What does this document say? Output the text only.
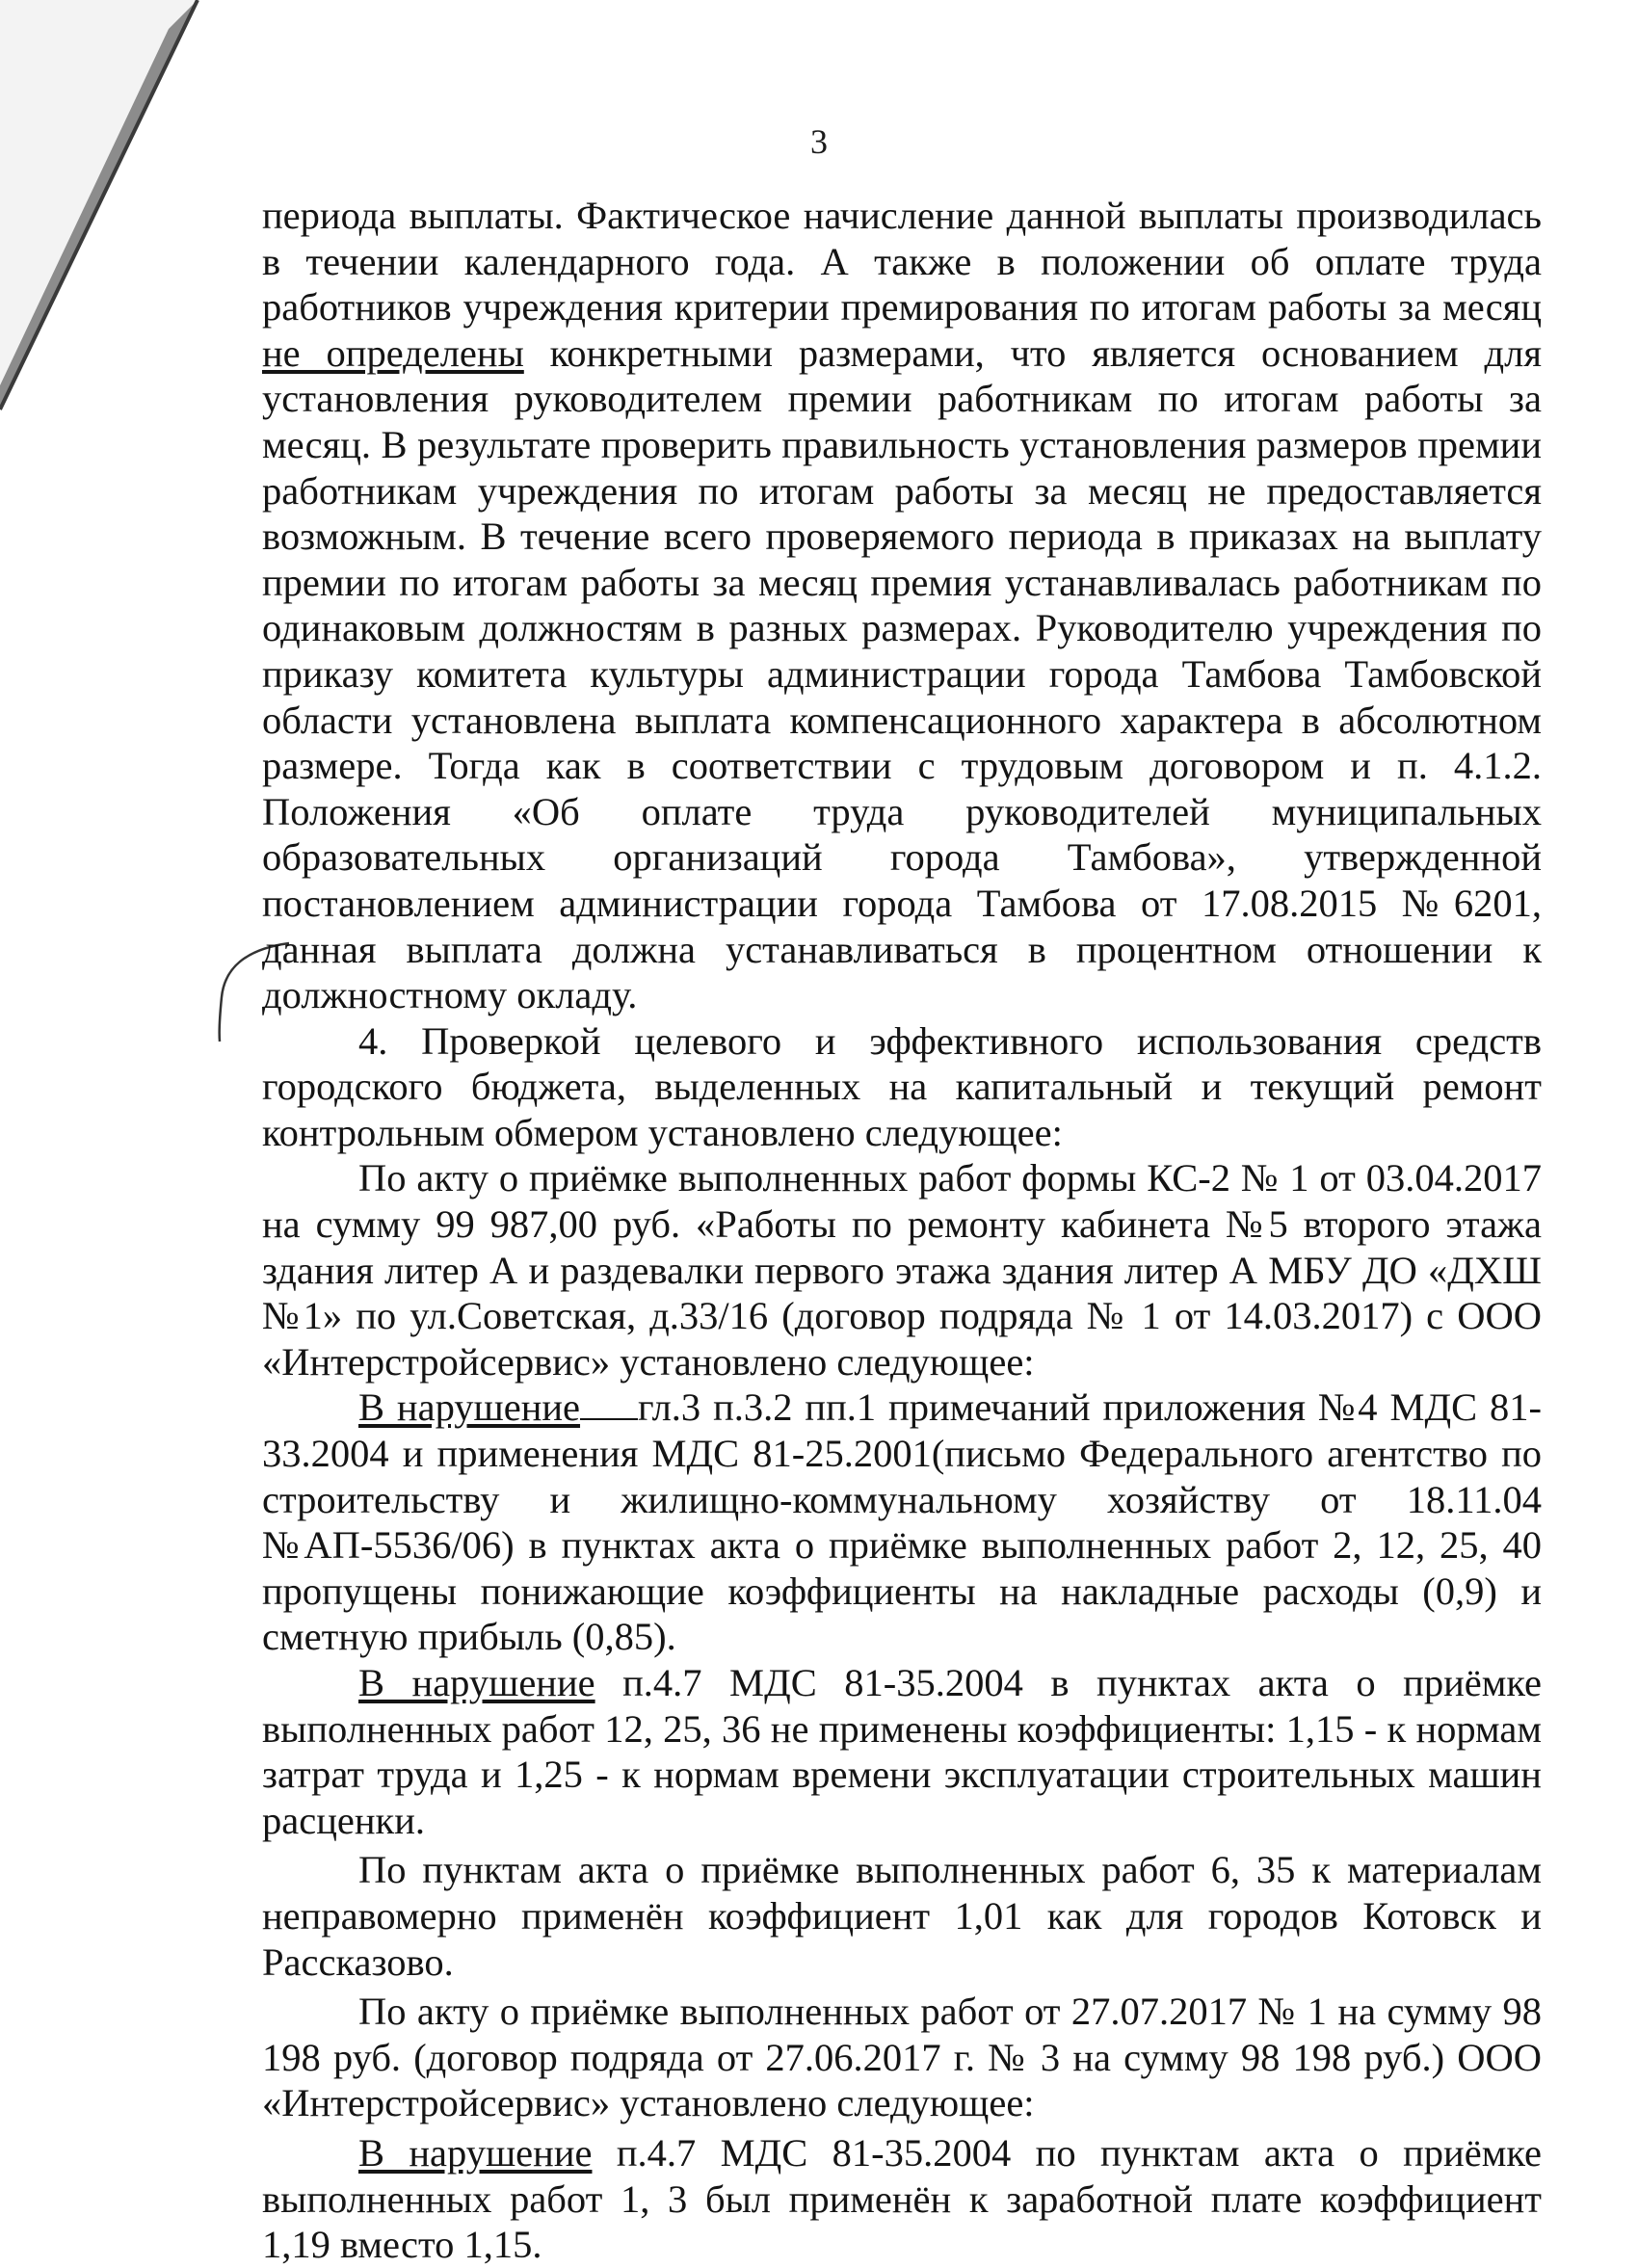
3

периода выплаты. Фактическое начисление данной выплаты производилась в течении календарного года. А также в положении об оплате труда работников учреждения критерии премирования по итогам работы за месяц не определены конкретными размерами, что является основанием для установления руководителем премии работникам по итогам работы за месяц. В результате проверить правильность установления размеров премии работникам учреждения по итогам работы за месяц не предоставляется возможным. В течение всего проверяемого периода в приказах на выплату премии по итогам работы за месяц премия устанавливалась работникам по одинаковым должностям в разных размерах. Руководителю учреждения по приказу комитета культуры администрации города Тамбова Тамбовской области установлена выплата компенсационного характера в абсолютном размере. Тогда как в соответствии с трудовым договором и п. 4.1.2. Положения «Об оплате труда руководителей муниципальных образовательных организаций города Тамбова», утвержденной постановлением администрации города Тамбова от 17.08.2015 №6201, данная выплата должна устанавливаться в процентном отношении к должностному окладу.

4. Проверкой целевого и эффективного использования средств городского бюджета, выделенных на капитальный и текущий ремонт контрольным обмером установлено следующее:

По акту о приёмке выполненных работ формы КС-2 № 1 от 03.04.2017 на сумму 99 987,00 руб. «Работы по ремонту кабинета №5 второго этажа здания литер А и раздевалки первого этажа здания литер А МБУ ДО «ДХШ №1» по ул.Советская, д.33/16 (договор подряда № 1 от 14.03.2017) с ООО «Интерстройсервис» установлено следующее:

В нарушение гл.3 п.3.2 пп.1 примечаний приложения №4 МДС 81-33.2004 и применения МДС 81-25.2001(письмо Федерального агентство по строительству и жилищно-коммунальному хозяйству от 18.11.04 №АП-5536/06) в пунктах акта о приёмке выполненных работ 2, 12, 25, 40 пропущены понижающие коэффициенты на накладные расходы (0,9) и сметную прибыль (0,85).

В нарушение п.4.7 МДС 81-35.2004 в пунктах акта о приёмке выполненных работ 12, 25, 36 не применены коэффициенты: 1,15 - к нормам затрат труда и 1,25 - к нормам времени эксплуатации строительных машин расценки.

По пунктам акта о приёмке выполненных работ 6, 35 к материалам неправомерно применён коэффициент 1,01 как для городов Котовск и Рассказово.

По акту о приёмке выполненных работ от 27.07.2017 № 1 на сумму 98 198 руб. (договор подряда от 27.06.2017 г. № 3 на сумму 98 198 руб.) ООО «Интерстройсервис» установлено следующее:

В нарушение п.4.7 МДС 81-35.2004 по пунктам акта о приёмке выполненных работ 1, 3 был применён к заработной плате коэффициент 1,19 вместо 1,15.
